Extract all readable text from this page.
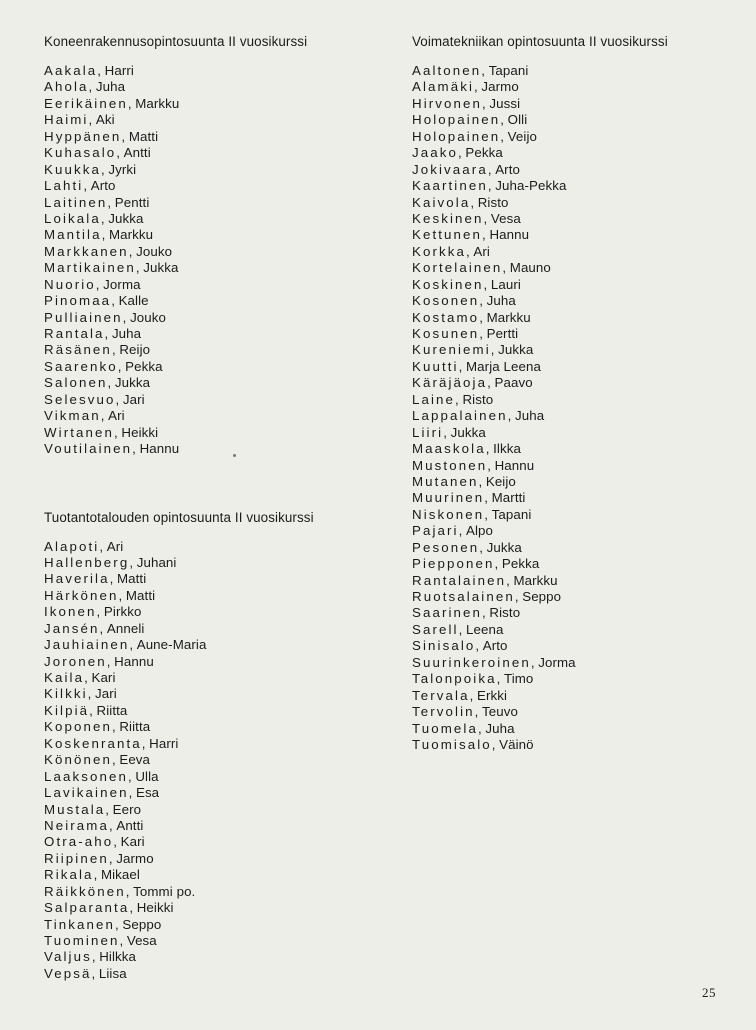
Koneenrakennusopintosuunta II vuosikurssi
Aakala, Harri
Ahola, Juha
Eerikäinen, Markku
Haimi, Aki
Hyppänen, Matti
Kuhasalo, Antti
Kuukka, Jyrki
Lahti, Arto
Laitinen, Pentti
Loikala, Jukka
Mantila, Markku
Markkanen, Jouko
Martikainen, Jukka
Nuorio, Jorma
Pinomaa, Kalle
Pulliainen, Jouko
Rantala, Juha
Räsänen, Reijo
Saarenko, Pekka
Salonen, Jukka
Selesvuo, Jari
Vikman, Ari
Wirtanen, Heikki
Voutilainen, Hannu
Tuotantotalouden opintosuunta II vuosikurssi
Alapoti, Ari
Hallenberg, Juhani
Haverila, Matti
Härkönen, Matti
Ikonen, Pirkko
Jansén, Anneli
Jauhiainen, Aune-Maria
Joronen, Hannu
Kaila, Kari
Kilkki, Jari
Kilpiä, Riitta
Koponen, Riitta
Koskenranta, Harri
Könönen, Eeva
Laaksonen, Ulla
Lavikainen, Esa
Mustala, Eero
Neirama, Antti
Otra-aho, Kari
Riipinen, Jarmo
Rikala, Mikael
Räikkönen, Tommi po.
Salparanta, Heikki
Tinkanen, Seppo
Tuominen, Vesa
Valjus, Hilkka
Vepsä, Liisa
Voimatekniikan opintosuunta II vuosikurssi
Aaltonen, Tapani
Alamäki, Jarmo
Hirvonen, Jussi
Holopainen, Olli
Holopainen, Veijo
Jaako, Pekka
Jokivaara, Arto
Kaartinen, Juha-Pekka
Kaivola, Risto
Keskinen, Vesa
Kettunen, Hannu
Korkka, Ari
Kortelainen, Mauno
Koskinen, Lauri
Kosonen, Juha
Kostamo, Markku
Kosunen, Pertti
Kureniemi, Jukka
Kuutti, Marja Leena
Käräjäoja, Paavo
Laine, Risto
Lappalainen, Juha
Liiri, Jukka
Maaskola, Ilkka
Mustonen, Hannu
Mutanen, Keijo
Muurinen, Martti
Niskonen, Tapani
Pajari, Alpo
Pesonen, Jukka
Piepponen, Pekka
Rantalainen, Markku
Ruotsalainen, Seppo
Saarinen, Risto
Sarell, Leena
Sinisalo, Arto
Suurinkeroinen, Jorma
Talonpoika, Timo
Tervala, Erkki
Tervolin, Teuvo
Tuomela, Juha
Tuomisalo, Väinö
25
